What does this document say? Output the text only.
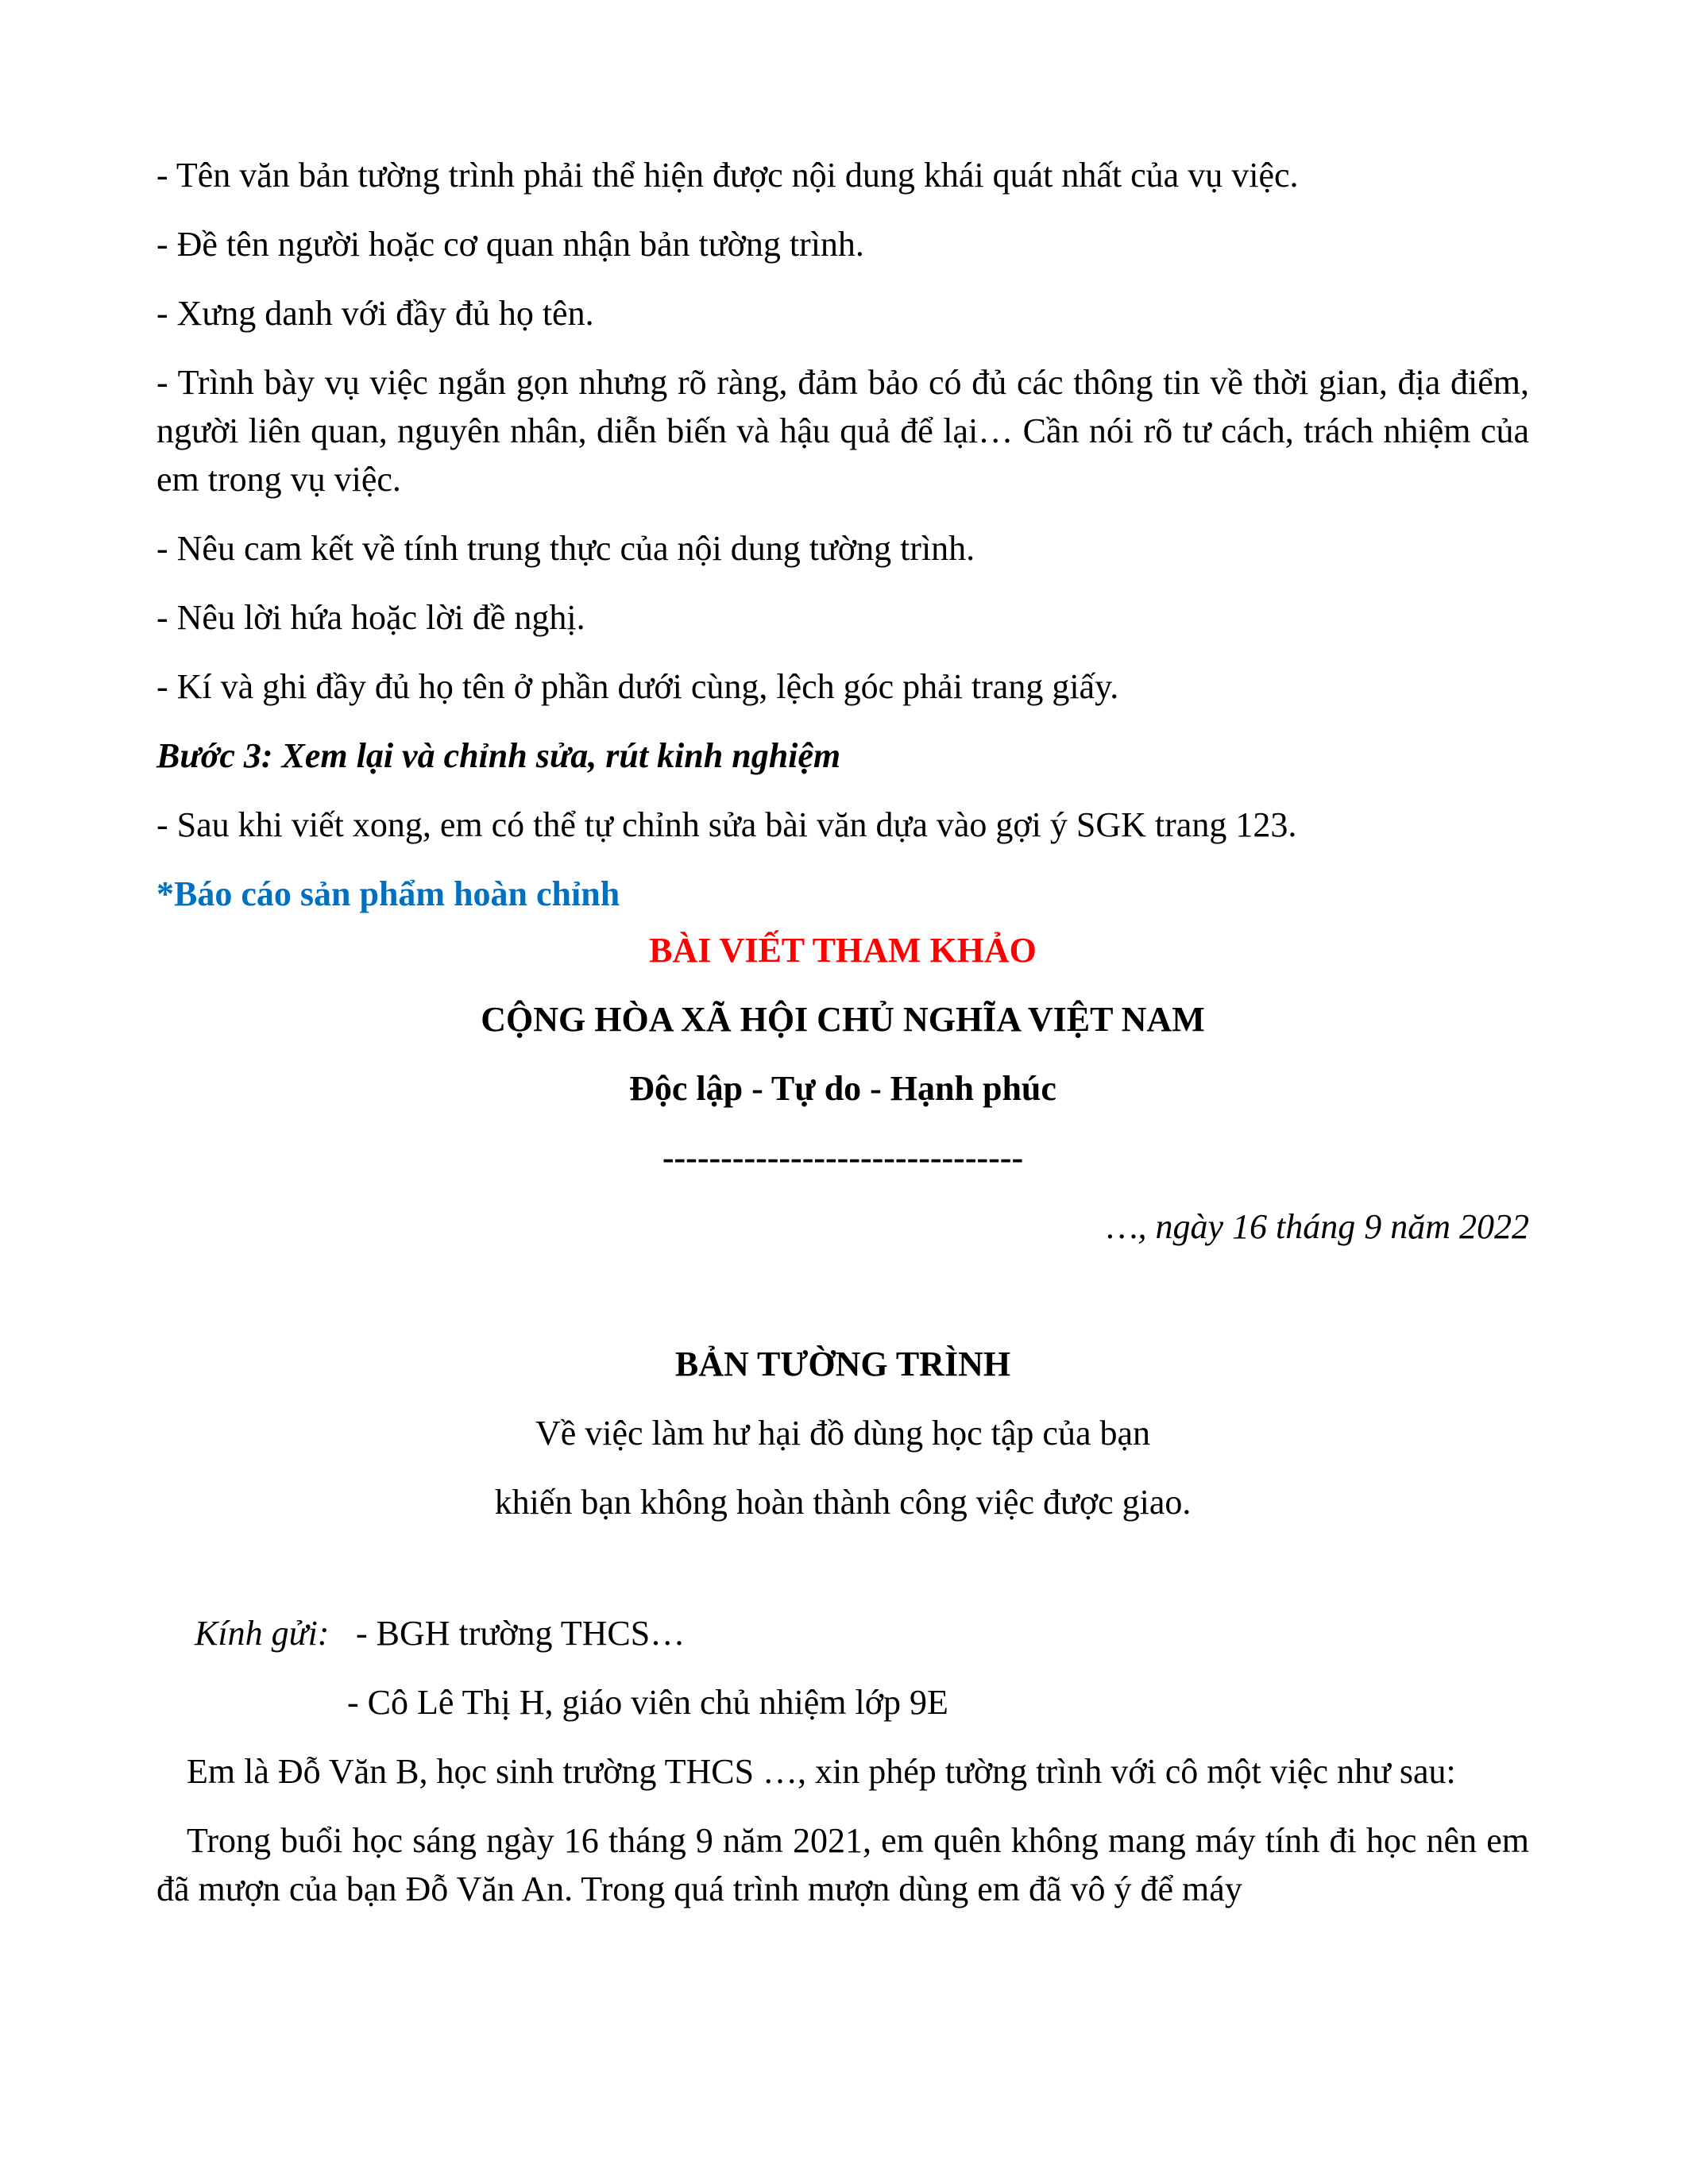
- Tên văn bản tường trình phải thể hiện được nội dung khái quát nhất của vụ việc.

- Đề tên người hoặc cơ quan nhận bản tường trình.

- Xưng danh với đầy đủ họ tên.

- Trình bày vụ việc ngắn gọn nhưng rõ ràng, đảm bảo có đủ các thông tin về thời gian, địa điểm, người liên quan, nguyên nhân, diễn biến và hậu quả để lại… Cần nói rõ tư cách, trách nhiệm của em trong vụ việc.

- Nêu cam kết về tính trung thực của nội dung tường trình.

- Nêu lời hứa hoặc lời đề nghị.

- Kí và ghi đầy đủ họ tên ở phần dưới cùng, lệch góc phải trang giấy.

Bước 3: Xem lại và chỉnh sửa, rút kinh nghiệm

- Sau khi viết xong, em có thể tự chỉnh sửa bài văn dựa vào gợi ý SGK trang 123.

*Báo cáo sản phẩm hoàn chỉnh

BÀI VIẾT THAM KHẢO

CỘNG HÒA XÃ HỘI CHỦ NGHĨA VIỆT NAM

Độc lập - Tự do - Hạnh phúc

-------------------------------

…, ngày 16 tháng 9 năm 2022

BẢN TƯỜNG TRÌNH

Về việc làm hư hại đồ dùng học tập của bạn

khiến bạn không hoàn thành công việc được giao.

Kính gửi: - BGH trường THCS…
- Cô Lê Thị H, giáo viên chủ nhiệm lớp 9E

Em là Đỗ Văn B, học sinh trường THCS …, xin phép tường trình với cô một việc như sau:

Trong buổi học sáng ngày 16 tháng 9 năm 2021, em quên không mang máy tính đi học nên em đã mượn của bạn Đỗ Văn An. Trong quá trình mượn dùng em đã vô ý để máy
